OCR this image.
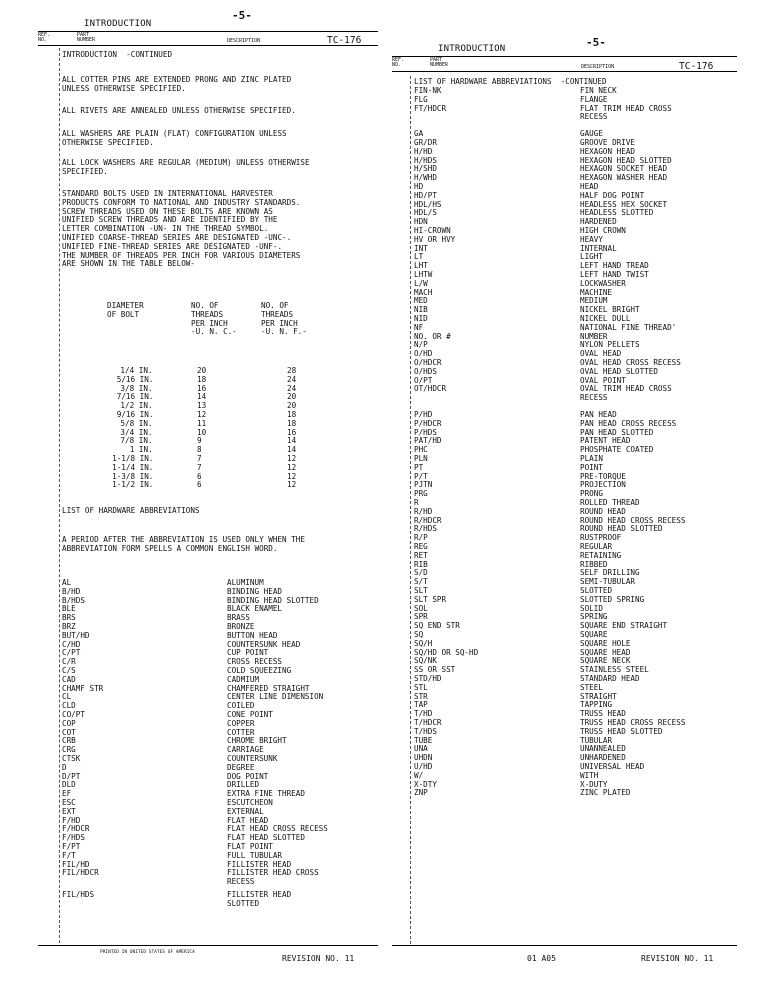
INTRODUCTION
-5-
REF.
NO.
PART
NUMBER	DESCRIPTION	TC-176
INTRODUCTION  -CONTINUED
ALL COTTER PINS ARE EXTENDED PRONG AND ZINC PLATED
UNLESS OTHERWISE SPECIFIED.
ALL RIVETS ARE ANNEALED UNLESS OTHERWISE SPECIFIED.
ALL WASHERS ARE PLAIN (FLAT) CONFIGURATION UNLESS
OTHERWISE SPECIFIED.
ALL LOCK WASHERS ARE REGULAR (MEDIUM) UNLESS OTHERWISE
SPECIFIED.
STANDARD BOLTS USED IN INTERNATIONAL HARVESTER
PRODUCTS CONFORM TO NATIONAL AND INDUSTRY STANDARDS.
SCREW THREADS USED ON THESE BOLTS ARE KNOWN AS
UNIFIED SCREW THREADS AND ARE IDENTIFIED BY THE
LETTER COMBINATION -UN- IN THE THREAD SYMBOL.
UNIFIED COARSE-THREAD SERIES ARE DESIGNATED -UNC-.
UNIFIED FINE-THREAD SERIES ARE DESIGNATED -UNF-.
THE NUMBER OF THREADS PER INCH FOR VARIOUS DIAMETERS
ARE SHOWN IN THE TABLE BELOW-
DIAMETER
OF BOLT
NO. OF
THREADS
PER INCH
-U. N. C.-
NO. OF
THREADS
PER INCH
-U. N. F.-
1/4 IN.	20	28
5/16 IN.	18	24
3/8 IN.	16	24
7/16 IN.	14	20
1/2 IN.	13	20
9/16 IN.	12	18
5/8 IN.	11	18
3/4 IN.	10	16
7/8 IN.	9	14
1 IN.	8	14
1-1/8 IN.	7	12
1-1/4 IN.	7	12
1-3/8 IN.	6	12
1-1/2 IN.	6	12
LIST OF HARDWARE ABBREVIATIONS
A PERIOD AFTER THE ABBREVIATION IS USED ONLY WHEN THE
ABBREVIATION FORM SPELLS A COMMON ENGLISH WORD.
AL	ALUMINUM
B/HD	BINDING HEAD
B/HDS	BINDING HEAD SLOTTED
BLE	BLACK ENAMEL
BRS	BRASS
BRZ	BRONZE
BUT/HD	BUTTON HEAD
C/HD	COUNTERSUNK HEAD
C/PT	CUP POINT
C/R	CROSS RECESS
C/S	COLD SQUEEZING
CAD	CADMIUM
CHAMF STR	CHAMFERED STRAIGHT
CL	CENTER LINE DIMENSION
CLD	COILED
CO/PT	CONE POINT
COP	COPPER
COT	COTTER
CRB	CHROME BRIGHT
CRG	CARRIAGE
CTSK	COUNTERSUNK
D	DEGREE
D/PT	DOG POINT
DLD	DRILLED
EF	EXTRA FINE THREAD
ESC	ESCUTCHEON
EXT	EXTERNAL
F/HD	FLAT HEAD
F/HDCR	FLAT HEAD CROSS RECESS
F/HDS	FLAT HEAD SLOTTED
F/PT	FLAT POINT
F/T	FULL TUBULAR
FIL/HD	FILLISTER HEAD
FIL/HDCR	FILLISTER HEAD CROSS
RECESS
FIL/HDS	FILLISTER HEAD
SLOTTED
PRINTED IN UNITED STATES OF AMERICA
REVISION NO. 11
INTRODUCTION	-5-
REF.
NO.
PART
NUMBER	DESCRIPTION	TC-176
LIST OF HARDWARE ABBREVIATIONS  -CONTINUED
FIN-NK	FIN NECK
FLG	FLANGE
FT/HDCR	FLAT TRIM HEAD CROSS
RECESS
GA	GAUGE
GR/DR	GROOVE DRIVE
H/HD	HEXAGON HEAD
H/HDS	HEXAGON HEAD SLOTTED
H/SHD	HEXAGON SOCKET HEAD
H/WHD	HEXAGON WASHER HEAD
HD	HEAD
HD/PT	HALF DOG POINT
HDL/HS	HEADLESS HEX SOCKET
HDL/S	HEADLESS SLOTTED
HDN	HARDENED
HI-CROWN	HIGH CROWN
HV OR HVY	HEAVY
INT	INTERNAL
LT	LIGHT
LHT	LEFT HAND TREAD
LHTW	LEFT HAND TWIST
L/W	LOCKWASHER
MACH	MACHINE
MED	MEDIUM
NIB	NICKEL BRIGHT
NID	NICKEL DULL
NF	NATIONAL FINE THREAD'
NO. OR #	NUMBER
N/P	NYLON PELLETS
O/HD	OVAL HEAD
O/HDCR	OVAL HEAD CROSS RECESS
O/HDS	OVAL HEAD SLOTTED
O/PT	OVAL POINT
OT/HDCR	OVAL TRIM HEAD CROSS
RECESS
P/HD	PAN HEAD
P/HDCR	PAN HEAD CROSS RECESS
P/HDS	PAN HEAD SLOTTED
PAT/HD	PATENT HEAD
PHC	PHOSPHATE COATED
PLN	PLAIN
PT	POINT
P/T	PRE-TORQUE
PJTN	PROJECTION
PRG	PRONG
R	ROLLED THREAD
R/HD	ROUND HEAD
R/HDCR	ROUND HEAD CROSS RECESS
R/HDS	ROUND HEAD SLOTTED
R/P	RUSTPROOF
REG	REGULAR
RET	RETAINING
RIB	RIBBED
S/D	SELF DRILLING
S/T	SEMI-TUBULAR
SLT	SLOTTED
SLT SPR	SLOTTED SPRING
SOL	SOLID
SPR	SPRING
SQ END STR	SQUARE END STRAIGHT
SQ	SQUARE
SQ/H	SQUARE HOLE
SQ/HD OR SQ-HD	SQUARE HEAD
SQ/NK	SQUARE NECK
SS OR SST	STAINLESS STEEL
STD/HD	STANDARD HEAD
STL	STEEL
STR	STRAIGHT
TAP	TAPPING
T/HD	TRUSS HEAD
T/HDCR	TRUSS HEAD CROSS RECESS
T/HDS	TRUSS HEAD SLOTTED
TUBE	TUBULAR
UNA	UNANNEALED
UHDN	UNHARDENED
U/HD	UNIVERSAL HEAD
W/	WITH
X-DTY	X-DUTY
ZNP	ZINC PLATED
01 A05	REVISION NO. 11
